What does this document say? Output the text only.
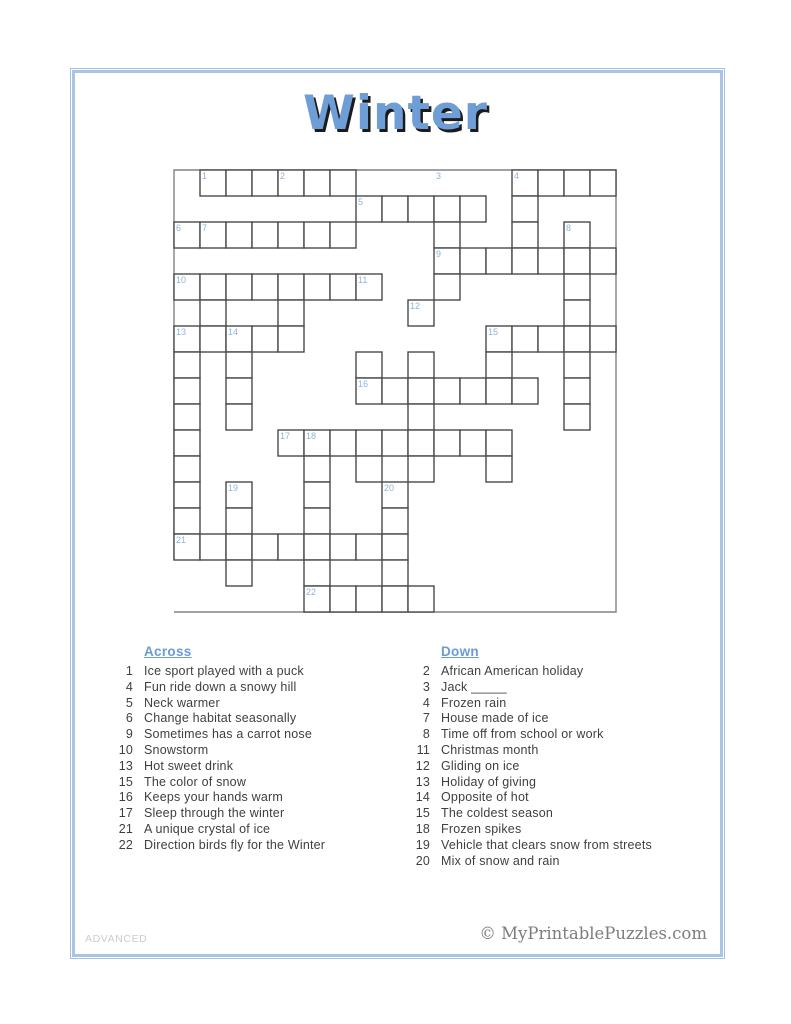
Winter
1	2	3	4
5
6 7	8
9
10	11
12
13	14	15
16
17 18
19	20
21
22
Across
1 Ice sport played with a puck
4 Fun ride down a snowy hill
5 Neck warmer
6 Change habitat seasonally
9 Sometimes has a carrot nose
10 Snowstorm
13 Hot sweet drink
15 The color of snow
16 Keeps your hands warm
17 Sleep through the winter
21 A unique crystal of ice
22 Direction birds fly for the Winter
Down
2 African American holiday
3 Jack _____
4 Frozen rain
7 House made of ice
8 Time off from school or work
11 Christmas month
12 Gliding on ice
13 Holiday of giving
14 Opposite of hot
15 The coldest season
18 Frozen spikes
19 Vehicle that clears snow from streets
20 Mix of snow and rain
ADVANCED	© MyPrintablePuzzles.com
